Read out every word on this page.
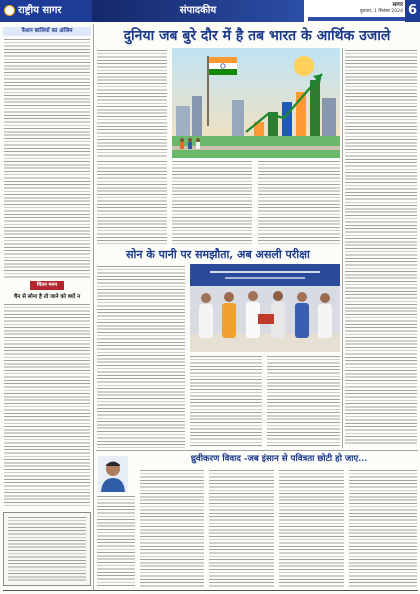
राष्ट्रीय सागर	संपादकीय	सागर
बुधवार, 1 सितंबर 2024 6
फैशन बाजियों का अंजिम
चिंतन मनन
चैन से सोना है तो जाने को क्यों न
दुनिया जब बुरे दौर में है तब भारत के आर्थिक उजाले
सोन के पानी पर समझौता, अब असली परीक्षा
ध्रुवीकरण विवाद -जब इंसान से पवित्रता छोटी हो जाए...
